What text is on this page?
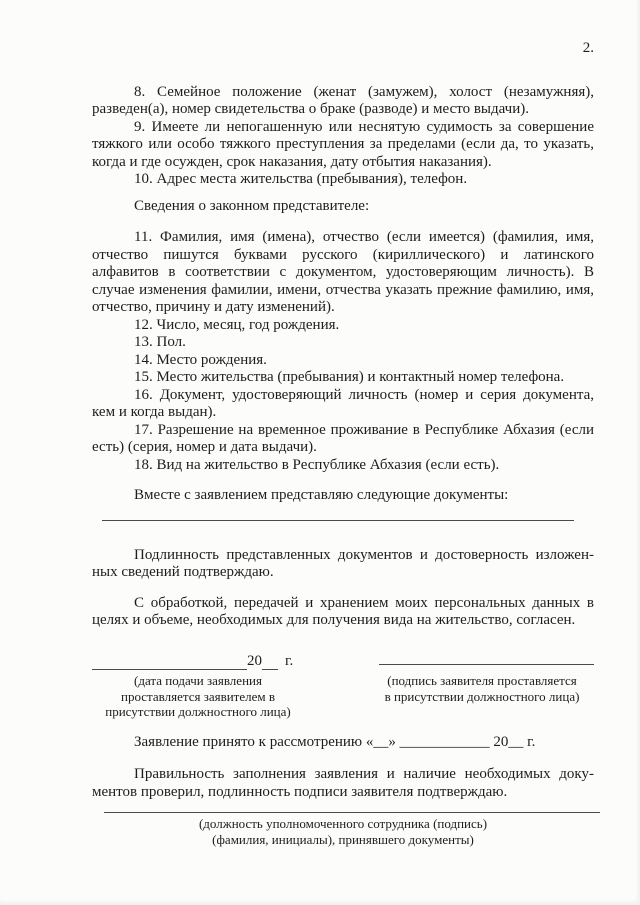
2.

8. Семейное положение (женат (замужем), холост (незамужняя), разведен(а), номер свидетельства о браке (разводе) и место выдачи).

9. Имеете ли непогашенную или неснятую судимость за совершение тяжкого или особо тяжкого преступления за пределами (если да, то указать, когда и где осужден, срок наказания, дату отбытия наказания).

10. Адрес места жительства (пребывания), телефон.

Сведения о законном представителе:

11. Фамилия, имя (имена), отчество (если имеется) (фамилия, имя, отчество пишутся буквами русского (кириллического) и латинского алфавитов в соответствии с документом, удостоверяющим личность). В случае изменения фамилии, имени, отчества указать прежние фамилию, имя, отчество, причину и дату изменений).

12. Число, месяц, год рождения.

13. Пол.

14. Место рождения.

15. Место жительства (пребывания) и контактный номер телефона.

16. Документ, удостоверяющий личность (номер и серия документа, кем и когда выдан).

17. Разрешение на временное проживание в Республике Абхазия (если есть) (серия, номер и дата выдачи).

18. Вид на жительство в Республике Абхазия (если есть).

Вместе с заявлением представляю следующие документы:

Подлинность представленных документов и достоверность изложенных сведений подтверждаю.

С обработкой, передачей и хранением моих персональных данных в целях и объеме, необходимых для получения вида на жительство, согласен.

20 г.
(дата подачи заявления
проставляется заявителем в
присутствии должностного лица)
(подпись заявителя проставляется
в присутствии должностного лица)

Заявление принято к рассмотрению «__» ____________ 20__ г.

Правильность заполнения заявления и наличие необходимых документов проверил, подлинность подписи заявителя подтверждаю.

(должность уполномоченного сотрудника (подпись)
(фамилия, инициалы), принявшего документы)
